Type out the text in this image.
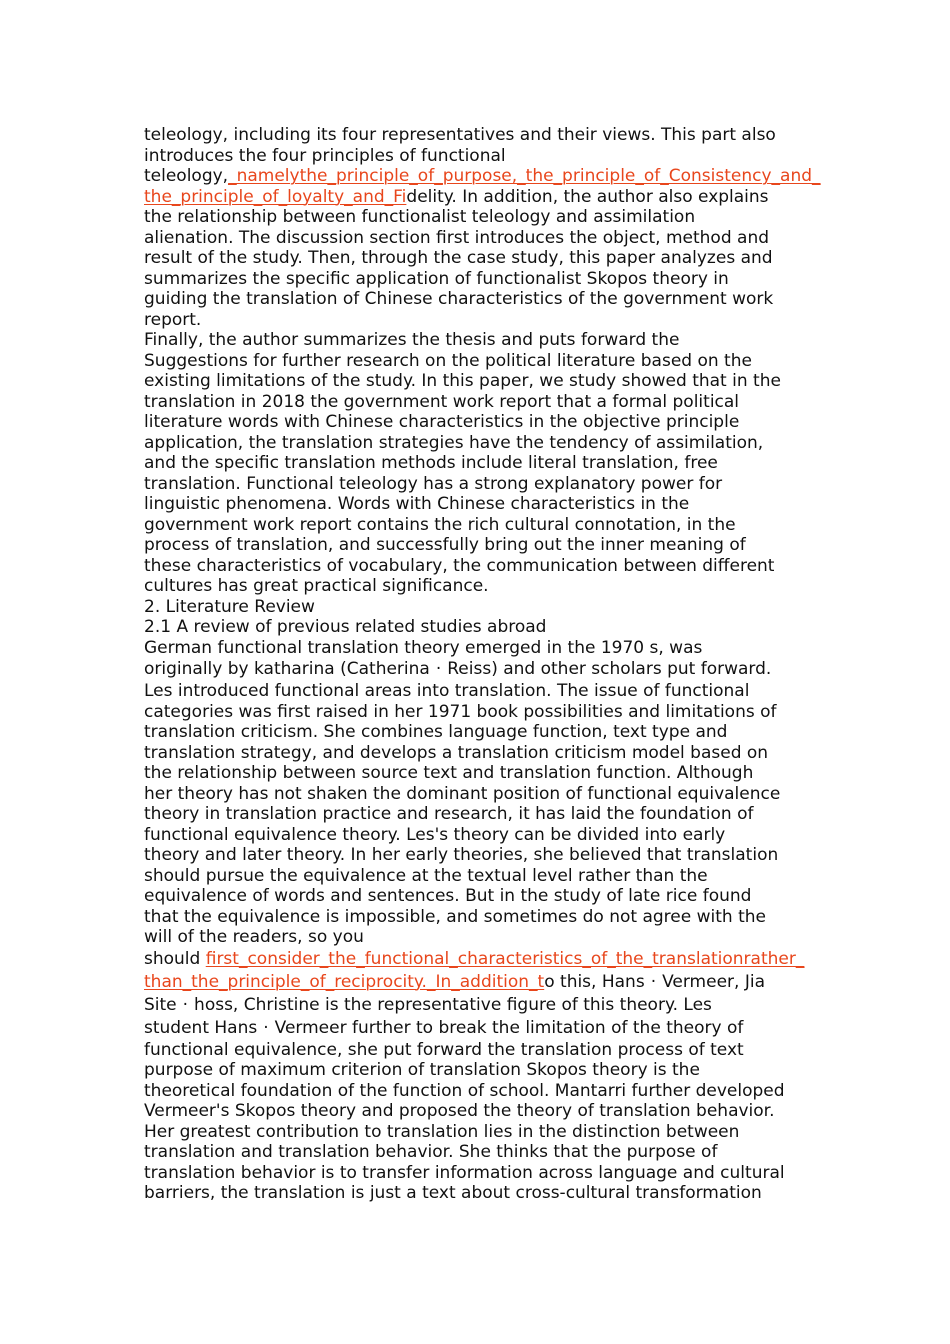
teleology, including its four representatives and their views. This part also
introduces the four principles of functional
teleology,_namelythe_principle_of_purpose,_the_principle_of_Consistency_and_
the_principle_of_loyalty_and_Fidelity. In addition, the author also explains
the relationship between functionalist teleology and assimilation
alienation. The discussion section first introduces the object, method and
result of the study. Then, through the case study, this paper analyzes and
summarizes the specific application of functionalist Skopos theory in
guiding the translation of Chinese characteristics of the government work
report.
Finally, the author summarizes the thesis and puts forward the
Suggestions for further research on the political literature based on the
existing limitations of the study. In this paper, we study showed that in the
translation in 2018 the government work report that a formal political
literature words with Chinese characteristics in the objective principle
application, the translation strategies have the tendency of assimilation,
and the specific translation methods include literal translation, free
translation. Functional teleology has a strong explanatory power for
linguistic phenomena. Words with Chinese characteristics in the
government work report contains the rich cultural connotation, in the
process of translation, and successfully bring out the inner meaning of
these characteristics of vocabulary, the communication between different
cultures has great practical significance.
2. Literature Review
2.1 A review of previous related studies abroad
German functional translation theory emerged in the 1970 s, was
originally by katharina (Catherina · Reiss) and other scholars put forward.
Les introduced functional areas into translation. The issue of functional
categories was first raised in her 1971 book possibilities and limitations of
translation criticism. She combines language function, text type and
translation strategy, and develops a translation criticism model based on
the relationship between source text and translation function. Although
her theory has not shaken the dominant position of functional equivalence
theory in translation practice and research, it has laid the foundation of
functional equivalence theory. Les's theory can be divided into early
theory and later theory. In her early theories, she believed that translation
should pursue the equivalence at the textual level rather than the
equivalence of words and sentences. But in the study of late rice found
that the equivalence is impossible, and sometimes do not agree with the
will of the readers, so you
should first_consider_the_functional_characteristics_of_the_translationrather_
than_the_principle_of_reciprocity._In_addition_to this, Hans · Vermeer, Jia
Site · hoss, Christine is the representative figure of this theory. Les
student Hans · Vermeer further to break the limitation of the theory of
functional equivalence, she put forward the translation process of text
purpose of maximum criterion of translation Skopos theory is the
theoretical foundation of the function of school. Mantarri further developed
Vermeer's Skopos theory and proposed the theory of translation behavior.
Her greatest contribution to translation lies in the distinction between
translation and translation behavior. She thinks that the purpose of
translation behavior is to transfer information across language and cultural
barriers, the translation is just a text about cross-cultural transformation
